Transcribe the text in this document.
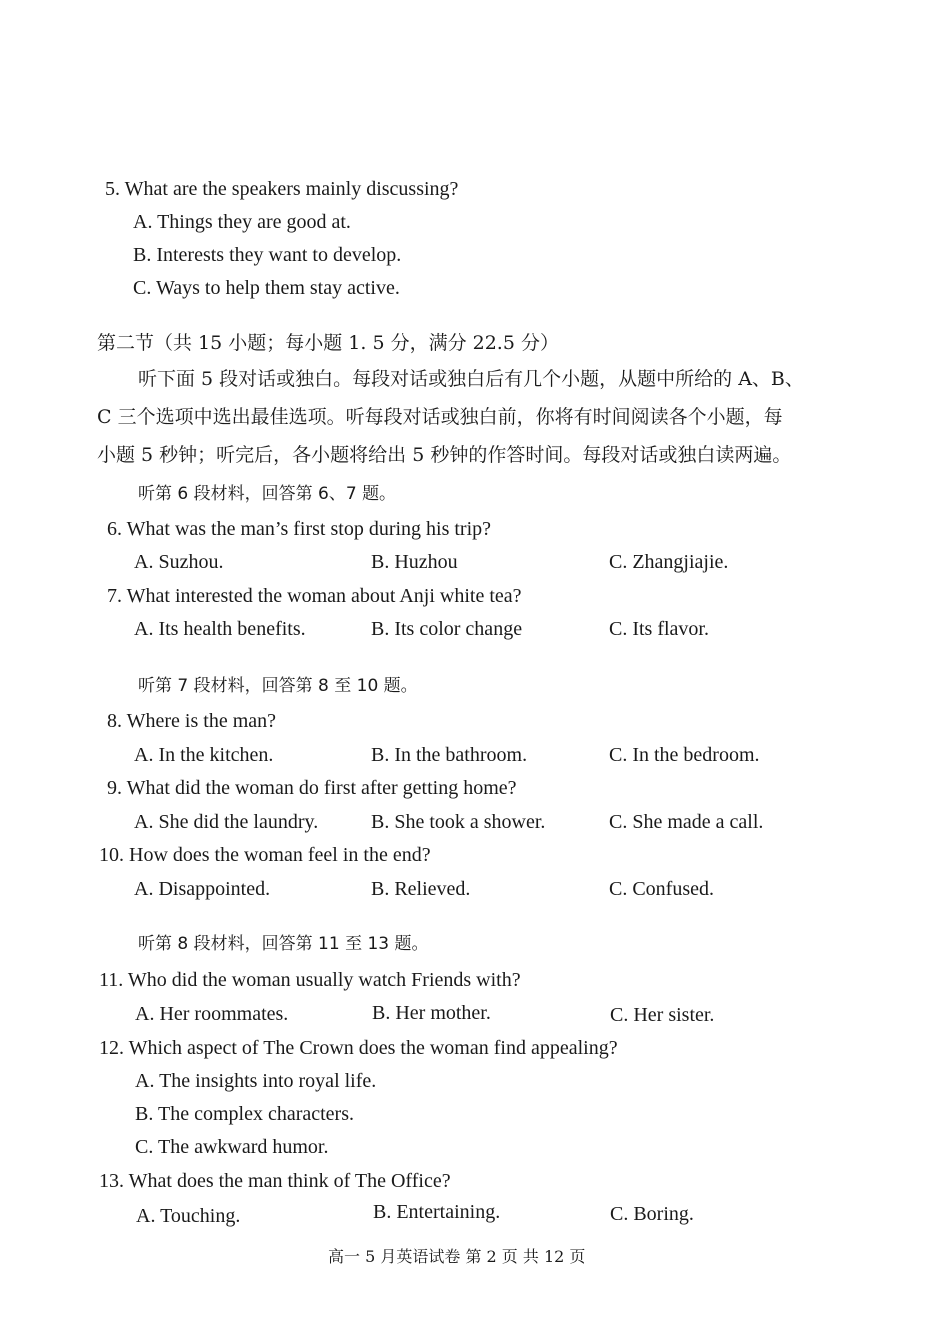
5. What are the speakers mainly discussing?
A. Things they are good at.
B. Interests they want to develop.
C. Ways to help them stay active.
第二节（共 15 小题；每小题 1. 5 分，满分 22.5 分）
听下面 5 段对话或独白。每段对话或独白后有几个小题，从题中所给的 A、B、
C 三个选项中选出最佳选项。听每段对话或独白前，你将有时间阅读各个小题，每
小题 5 秒钟；听完后，各小题将给出 5 秒钟的作答时间。每段对话或独白读两遍。
听第 6 段材料，回答第 6、7 题。
6. What was the man’s first stop during his trip?
A. Suzhou.	B. Huzhou	C. Zhangjiajie.
7. What interested the woman about Anji white tea?
A. Its health benefits.	B. Its color change	C. Its flavor.
听第 7 段材料，回答第 8 至 10 题。
8. Where is the man?
A. In the kitchen.	B. In the bathroom.	C. In the bedroom.
9. What did the woman do first after getting home?
A. She did the laundry.	B. She took a shower.	C. She made a call.
10. How does the woman feel in the end?
A. Disappointed.	B. Relieved.	C. Confused.
听第 8 段材料，回答第 11 至 13 题。
11. Who did the woman usually watch Friends with?
A. Her roommates.	B. Her mother.	C. Her sister.
12. Which aspect of The Crown does the woman find appealing?
A. The insights into royal life.
B. The complex characters.
C. The awkward humor.
13. What does the man think of The Office?
A. Touching.	B. Entertaining.	C. Boring.
高一 5 月英语试卷 第 2 页 共 12 页
